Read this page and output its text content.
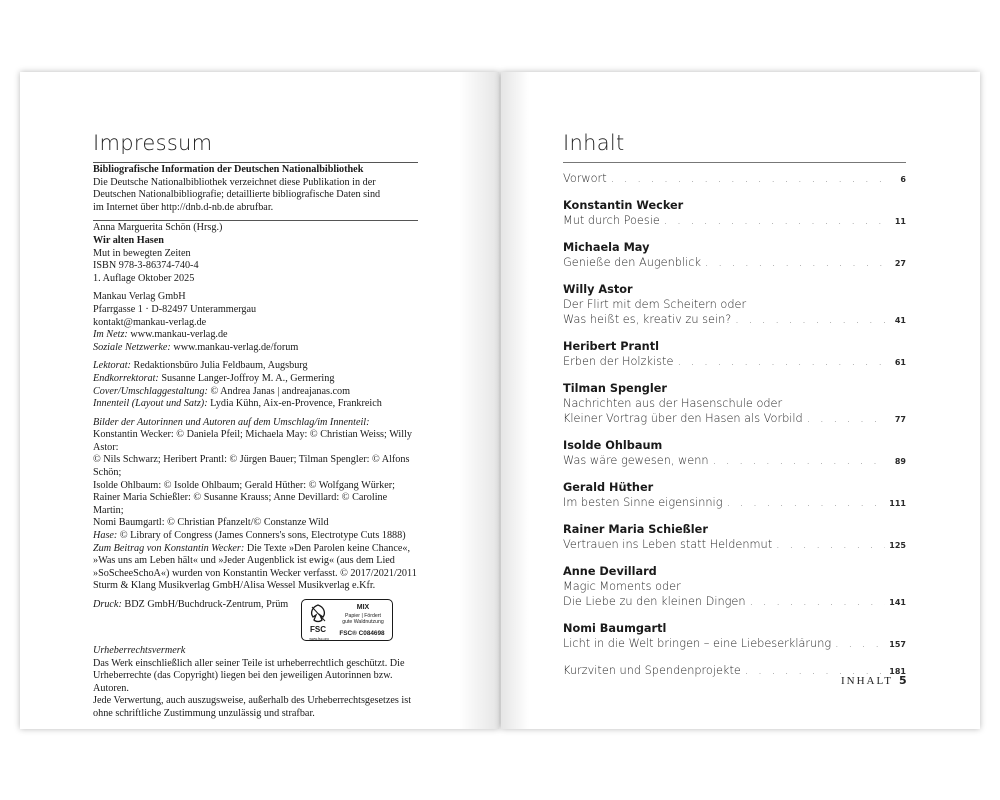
Impressum

Bibliografische Information der Deutschen Nationalbibliothek

Die Deutsche Nationalbibliothek verzeichnet diese Publikation in der

Deutschen Nationalbibliografie; detaillierte bibliografische Daten sind

im Internet über http://dnb.d-nb.de abrufbar.

Anna Marguerita Schön (Hrsg.)

Wir alten Hasen

Mut in bewegten Zeiten

ISBN 978-3-86374-740-4

1. Auflage Oktober 2025

Mankau Verlag GmbH

Pfarrgasse 1 · D-82497 Unterammergau

kontakt@mankau-verlag.de

Im Netz: www.mankau-verlag.de

Soziale Netzwerke: www.mankau-verlag.de/forum

Lektorat: Redaktionsbüro Julia Feldbaum, Augsburg

Endkorrektorat: Susanne Langer-Joffroy M. A., Germering

Cover/Umschlaggestaltung: © Andrea Janas | andreajanas.com

Innenteil (Layout und Satz): Lydia Kühn, Aix-en-Provence, Frankreich

Bilder der Autorinnen und Autoren auf dem Umschlag/im Innenteil:

Konstantin Wecker: © Daniela Pfeil; Michaela May: © Christian Weiss; Willy Astor:

© Nils Schwarz; Heribert Prantl: © Jürgen Bauer; Tilman Spengler: © Alfons Schön;

Isolde Ohlbaum: © Isolde Ohlbaum; Gerald Hüther: © Wolfgang Würker;

Rainer Maria Schießler: © Susanne Krauss; Anne Devillard: © Caroline Martin;

Nomi Baumgartl: © Christian Pfanzelt/© Constanze Wild

Hase: © Library of Congress (James Conners's sons, Electrotype Cuts 1888)

Zum Beitrag von Konstantin Wecker: Die Texte »Den Parolen keine Chance«,

»Was uns am Leben hält« und »Jeder Augenblick ist ewig« (aus dem Lied

»SoScheeSchoA«) wurden von Konstantin Wecker verfasst. © 2017/2021/2011

Sturm & Klang Musikverlag GmbH/Alisa Wessel Musikverlag e.Kfr.

Druck: BDZ GmbH/Buchdruck-Zentrum, Prüm

FSC
www.fsc.org
MIX
Papier | Fördert
gute Waldnutzung
FSC® C084698

Urheberrechtsvermerk

Das Werk einschließlich aller seiner Teile ist urheberrechtlich geschützt. Die

Urheberrechte (das Copyright) liegen bei den jeweiligen Autorinnen bzw. Autoren.

Jede Verwertung, auch auszugsweise, außerhalb des Urheberrechtsgesetzes ist

ohne schriftliche Zustimmung unzulässig und strafbar.

Inhalt
Vorwort . . .	6
Konstantin Wecker
Mut durch Poesie . . .	11
Michaela May
Genieße den Augenblick . . .	27
Willy Astor
Der Flirt mit dem Scheitern oder
Was heißt es, kreativ zu sein? . . .	41
Heribert Prantl
Erben der Holzkiste . . .	61
Tilman Spengler
Nachrichten aus der Hasenschule oder
Kleiner Vortrag über den Hasen als Vorbild . . .	77
Isolde Ohlbaum
Was wäre gewesen, wenn . . .	89
Gerald Hüther
Im besten Sinne eigensinnig . . .	111
Rainer Maria Schießler
Vertrauen ins Leben statt Heldenmut . . .	125
Anne Devillard
Magic Moments oder
Die Liebe zu den kleinen Dingen . . .	141
Nomi Baumgartl
Licht in die Welt bringen – eine Liebeserklärung . . .	157
Kurzviten und Spendenprojekte . . .	181
INHALT 5
